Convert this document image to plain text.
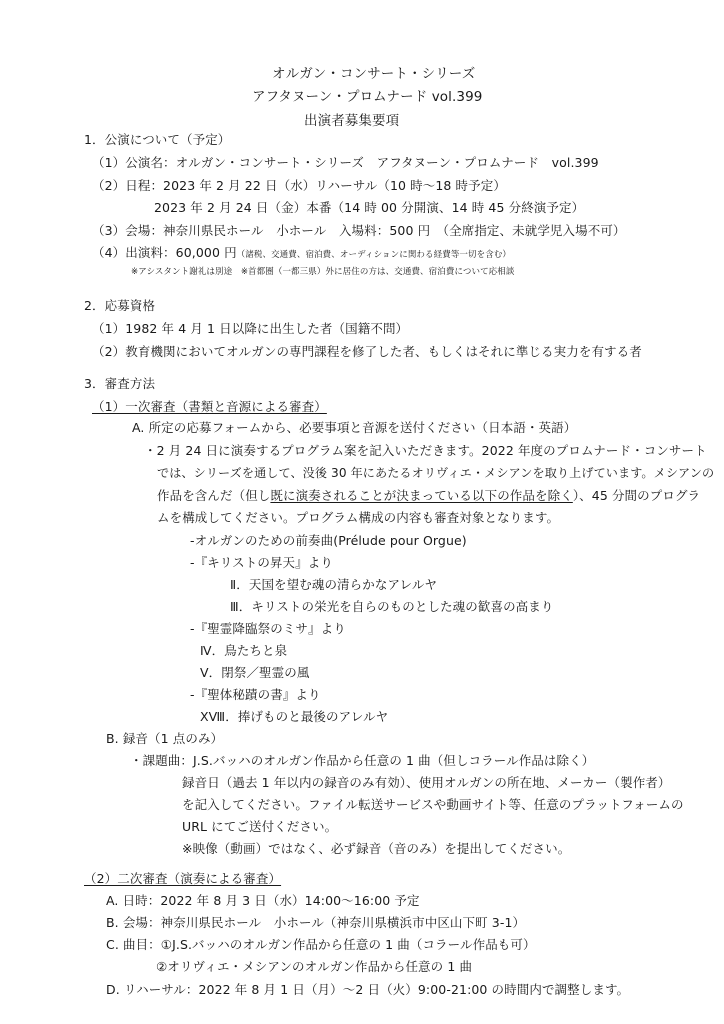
オルガン・コンサート・シリーズ
アフタヌーン・プロムナード vol.399
出演者募集要項
1．公演について（予定）
（1）公演名：オルガン・コンサート・シリーズ　アフタヌーン・プロムナード　vol.399
（2）日程：2023 年 2 月 22 日（水）リハーサル（10 時～18 時予定）
2023 年 2 月 24 日（金）本番（14 時 00 分開演、14 時 45 分終演予定）
（3）会場：神奈川県民ホール　小ホール　入場料：500 円　（全席指定、未就学児入場不可）
（4）出演料：60,000 円（諸税、交通費、宿泊費、オーディションに関わる経費等一切を含む）
※アシスタント謝礼は別途　※首都圏（一都三県）外に居住の方は、交通費、宿泊費について応相談
2．応募資格
（1）1982 年 4 月 1 日以降に出生した者（国籍不問）
（2）教育機関においてオルガンの専門課程を修了した者、もしくはそれに準じる実力を有する者
3．審査方法
（1）一次審査（書類と音源による審査）
A. 所定の応募フォームから、必要事項と音源を送付ください（日本語・英語）
・2 月 24 日に演奏するプログラム案を記入いただきます。2022 年度のプロムナード・コンサート
では、シリーズを通して、没後 30 年にあたるオリヴィエ・メシアンを取り上げています。メシアンの
作品を含んだ（但し既に演奏されることが決まっている以下の作品を除く）、45 分間のプログラ
ムを構成してください。プログラム構成の内容も審査対象となります。
-オルガンのための前奏曲(Prélude pour Orgue)
-『キリストの昇天』より
Ⅱ．天国を望む魂の清らかなアレルヤ
Ⅲ．キリストの栄光を自らのものとした魂の歓喜の高まり
-『聖霊降臨祭のミサ』より
Ⅳ．鳥たちと泉
Ⅴ．閉祭／聖霊の風
-『聖体秘蹟の書』より
ⅩⅧ．捧げものと最後のアレルヤ
B. 録音（1 点のみ）
・課題曲：J.S.バッハのオルガン作品から任意の 1 曲（但しコラール作品は除く）
録音日（過去 1 年以内の録音のみ有効）、使用オルガンの所在地、メーカー（製作者）
を記入してください。ファイル転送サービスや動画サイト等、任意のプラットフォームの
URL にてご送付ください。
※映像（動画）ではなく、必ず録音（音のみ）を提出してください。
（2）二次審査（演奏による審査）
A. 日時：2022 年 8 月 3 日（水）14:00～16:00 予定
B. 会場：神奈川県民ホール　小ホール（神奈川県横浜市中区山下町 3-1）
C. 曲目：①J.S.バッハのオルガン作品から任意の 1 曲（コラール作品も可）
②オリヴィエ・メシアンのオルガン作品から任意の 1 曲
D. リハーサル：2022 年 8 月 1 日（月）～2 日（火）9:00-21:00 の時間内で調整します。
